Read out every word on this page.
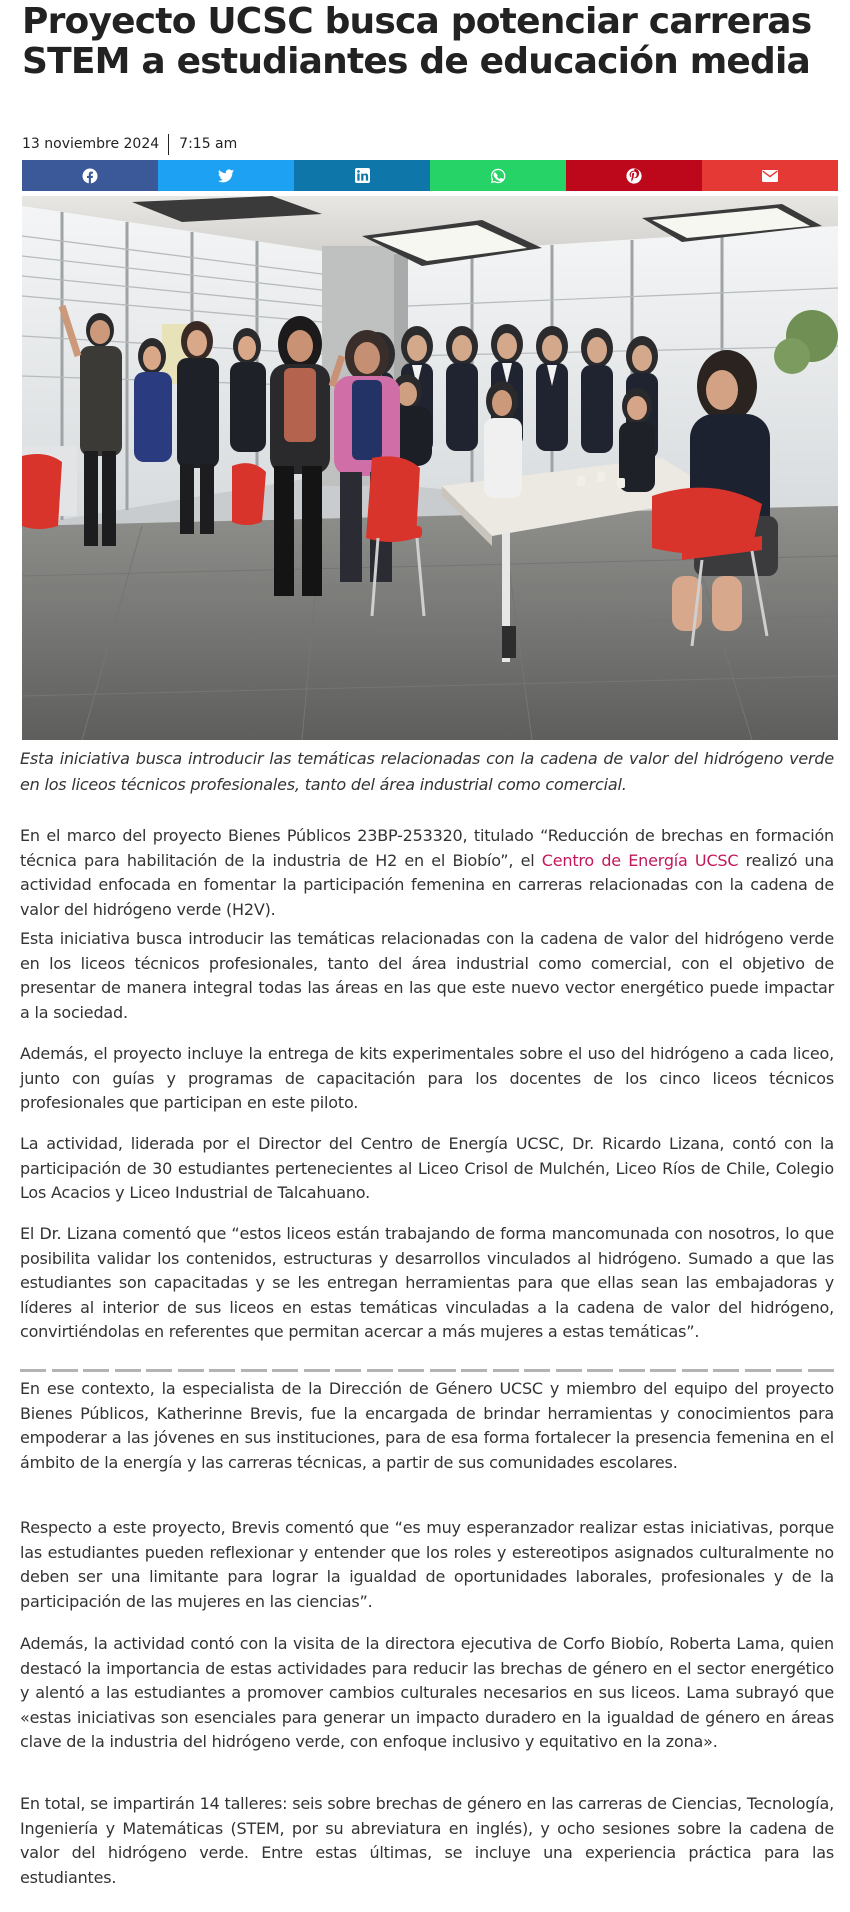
Proyecto UCSC busca potenciar carreras STEM a estudiantes de educación media
13 noviembre 2024 7:15 am

Esta iniciativa busca introducir las temáticas relacionadas con la cadena de valor del hidrógeno verde en los liceos técnicos profesionales, tanto del área industrial como comercial.

En el marco del proyecto Bienes Públicos 23BP-253320, titulado “Reducción de brechas en formación técnica para habilitación de la industria de H2 en el Biobío”, el Centro de Energía UCSC realizó una actividad enfocada en fomentar la participación femenina en carreras relacionadas con la cadena de valor del hidrógeno verde (H2V).

Esta iniciativa busca introducir las temáticas relacionadas con la cadena de valor del hidrógeno verde en los liceos técnicos profesionales, tanto del área industrial como comercial, con el objetivo de presentar de manera integral todas las áreas en las que este nuevo vector energético puede impactar a la sociedad.

Además, el proyecto incluye la entrega de kits experimentales sobre el uso del hidrógeno a cada liceo, junto con guías y programas de capacitación para los docentes de los cinco liceos técnicos profesionales que participan en este piloto.

La actividad, liderada por el Director del Centro de Energía UCSC, Dr. Ricardo Lizana, contó con la participación de 30 estudiantes pertenecientes al Liceo Crisol de Mulchén, Liceo Ríos de Chile, Colegio Los Acacios y Liceo Industrial de Talcahuano.

El Dr. Lizana comentó que “estos liceos están trabajando de forma mancomunada con nosotros, lo que posibilita validar los contenidos, estructuras y desarrollos vinculados al hidrógeno. Sumado a que las estudiantes son capacitadas y se les entregan herramientas para que ellas sean las embajadoras y líderes al interior de sus liceos en estas temáticas vinculadas a la cadena de valor del hidrógeno, convirtiéndolas en referentes que permitan acercar a más mujeres a estas temáticas”.

En ese contexto, la especialista de la Dirección de Género UCSC y miembro del equipo del proyecto Bienes Públicos, Katherinne Brevis, fue la encargada de brindar herramientas y conocimientos para empoderar a las jóvenes en sus instituciones, para de esa forma fortalecer la presencia femenina en el ámbito de la energía y las carreras técnicas, a partir de sus comunidades escolares.

Respecto a este proyecto, Brevis comentó que “es muy esperanzador realizar estas iniciativas, porque las estudiantes pueden reflexionar y entender que los roles y estereotipos asignados culturalmente no deben ser una limitante para lograr la igualdad de oportunidades laborales, profesionales y de la participación de las mujeres en las ciencias”.

Además, la actividad contó con la visita de la directora ejecutiva de Corfo Biobío, Roberta Lama, quien destacó la importancia de estas actividades para reducir las brechas de género en el sector energético y alentó a las estudiantes a promover cambios culturales necesarios en sus liceos. Lama subrayó que «estas iniciativas son esenciales para generar un impacto duradero en la igualdad de género en áreas clave de la industria del hidrógeno verde, con enfoque inclusivo y equitativo en la zona».

En total, se impartirán 14 talleres: seis sobre brechas de género en las carreras de Ciencias, Tecnología, Ingeniería y Matemáticas (STEM, por su abreviatura en inglés), y ocho sesiones sobre la cadena de valor del hidrógeno verde. Entre estas últimas, se incluye una experiencia práctica para las estudiantes.
